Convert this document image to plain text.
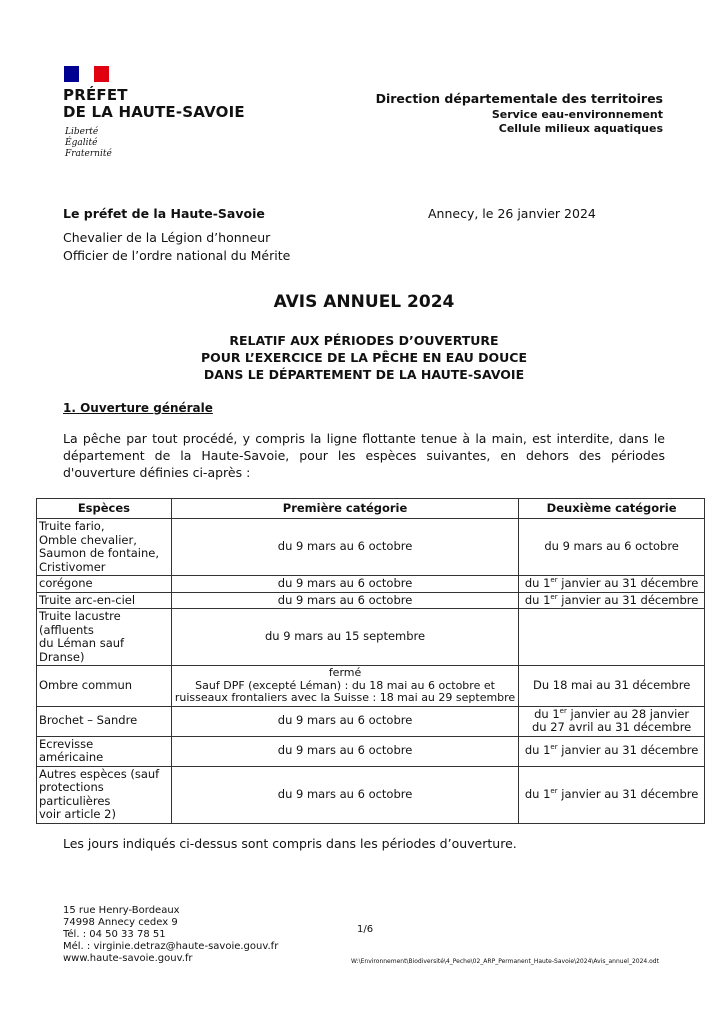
PRÉFET
DE LA HAUTE-SAVOIE
Liberté
Égalité
Fraternité
Direction départementale des territoires
Service eau-environnement
Cellule milieux aquatiques
Le préfet de la Haute-Savoie	Annecy, le 26 janvier 2024
Chevalier de la Légion d’honneur
Officier de l’ordre national du Mérite
AVIS ANNUEL 2024
RELATIF AUX PÉRIODES D’OUVERTURE
POUR L’EXERCICE DE LA PÊCHE EN EAU DOUCE
DANS LE DÉPARTEMENT DE LA HAUTE-SAVOIE
1. Ouverture générale
La pêche par tout procédé, y compris la ligne flottante tenue à la main, est interdite, dans le département de la Haute-Savoie, pour les espèces suivantes, en dehors des périodes d'ouverture définies ci-après :
Espèces	Première catégorie	Deuxième catégorie

Truite fario,
Omble chevalier,
Saumon de fontaine,
Cristivomer	du 9 mars au 6 octobre	du 9 mars au 6 octobre
corégone	du 9 mars au 6 octobre	du 1er janvier au 31 décembre
Truite arc-en-ciel	du 9 mars au 6 octobre	du 1er janvier au 31 décembre

Truite lacustre (affluents
du Léman sauf Dranse)	du 9 mars au 15 septembre	
Ombre commun	fermé
Sauf DPF (excepté Léman) : du 18 mai au 6 octobre et
ruisseaux frontaliers avec la Suisse : 18 mai au 29 septembre	Du 18 mai au 31 décembre
Brochet – Sandre	du 9 mars au 6 octobre	du 1er janvier au 28 janvier
du 27 avril au 31 décembre

Ecrevisse
américaine	du 9 mars au 6 octobre	du 1er janvier au 31 décembre

Autres espèces (sauf
protections particulières
voir article 2)	du 9 mars au 6 octobre	du 1er janvier au 31 décembre
Les jours indiqués ci-dessus sont compris dans les périodes d’ouverture.
15 rue Henry-Bordeaux
74998 Annecy cedex 9
Tél. : 04 50 33 78 51
Mél. : virginie.detraz@haute-savoie.gouv.fr
www.haute-savoie.gouv.fr
1/6
W:\Environnement\Biodiversité\4_Peche\02_ARP_Permanent_Haute-Savoie\2024\Avis_annuel_2024.odt
